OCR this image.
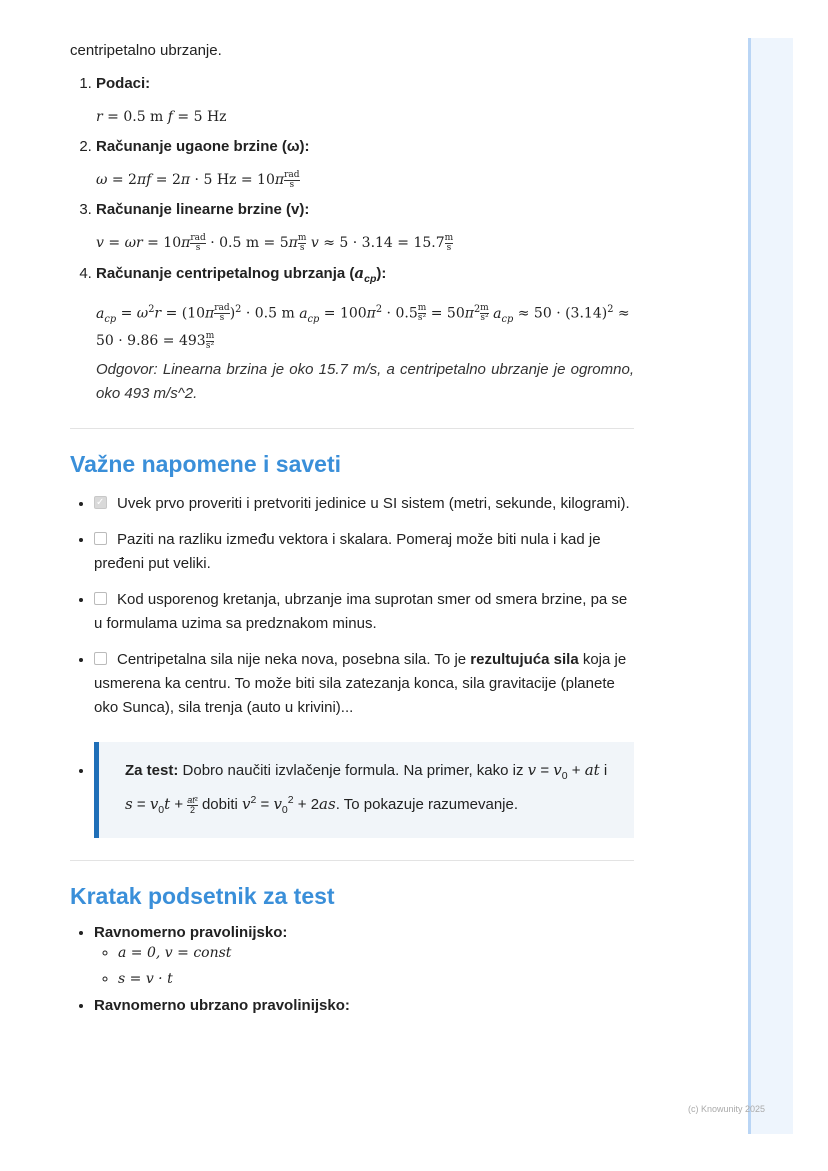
centripetalno ubrzanje.
1. Podaci:
r = 0.5 m f = 5 Hz
2. Računanje ugaone brzine (ω):
ω = 2πf = 2π · 5 $Hz = 10\pi \frac{\text{rad}}{s}$
3. Računanje linearne brzine (v):
$v = \omega r = 10\pi \frac{\text{rad}}{s} \cdot 0.5$ $m = 5\pi \frac{m}{s}$ $v \approx 5 \cdot 3.14 = 15.7 \frac{m}{s}$
4. Računanje centripetalnog ubrzanja $(a_{cp})$:
$a_{cp} = \omega^2r = (10\pi \frac{\text{rad}}{s})^2 \cdot 0.5$ m $a_{cp} = 100\pi^2 \cdot 0.5 \frac{m}{\text{s²}} = 50\pi^2 \frac{m}{\text{s²}} a_{cp} \approx 50 \cdot (3.14)^2 \approx 50 \cdot 9.86 = 493 \frac{m}{\text{s²}}$
Odgovor: Linearna brzina je oko 15.7 m/s, a centripetalno ubrzanje je ogromno, oko 493 m/s^2.
Važne napomene i saveti
✓• Uvek prvo proveriti i pretvoriti jedinice u SI sistem (metri, sekunde, kilogrami).
• Paziti na razliku između vektora i skalara. Pomeraj može biti nula i kad je pređeni put veliki.
• Kod usporenog kretanja, ubrzanje ima suprotan smer od smera brzine, pa se u formulama uzima sa predznakom minus.
• Centripetalna sila nije neka nova, posebna sila. To je rezultujuća sila koja je usmerena ka centru. To može biti sila zatezanja konca, sila gravitacije (planete oko Sunca), sila trenja (auto u krivini)...
• Za test: Dobro naučiti izvlačenje formula. Na primer, kako iz $v = v_0$ + at i $s = v_0t + \frac{\text{at²}}{2}$ dobiti $v^2 = v_0^2 + 2as$. To pokazuje razumevanje.
Kratak podsetnik za test
• Ravnomerno pravolinijsko:
◦ a = 0, v = const
◦ s = v · t
• Ravnomerno ubrzano pravolinijsko:
(c) Knowunity 2025
